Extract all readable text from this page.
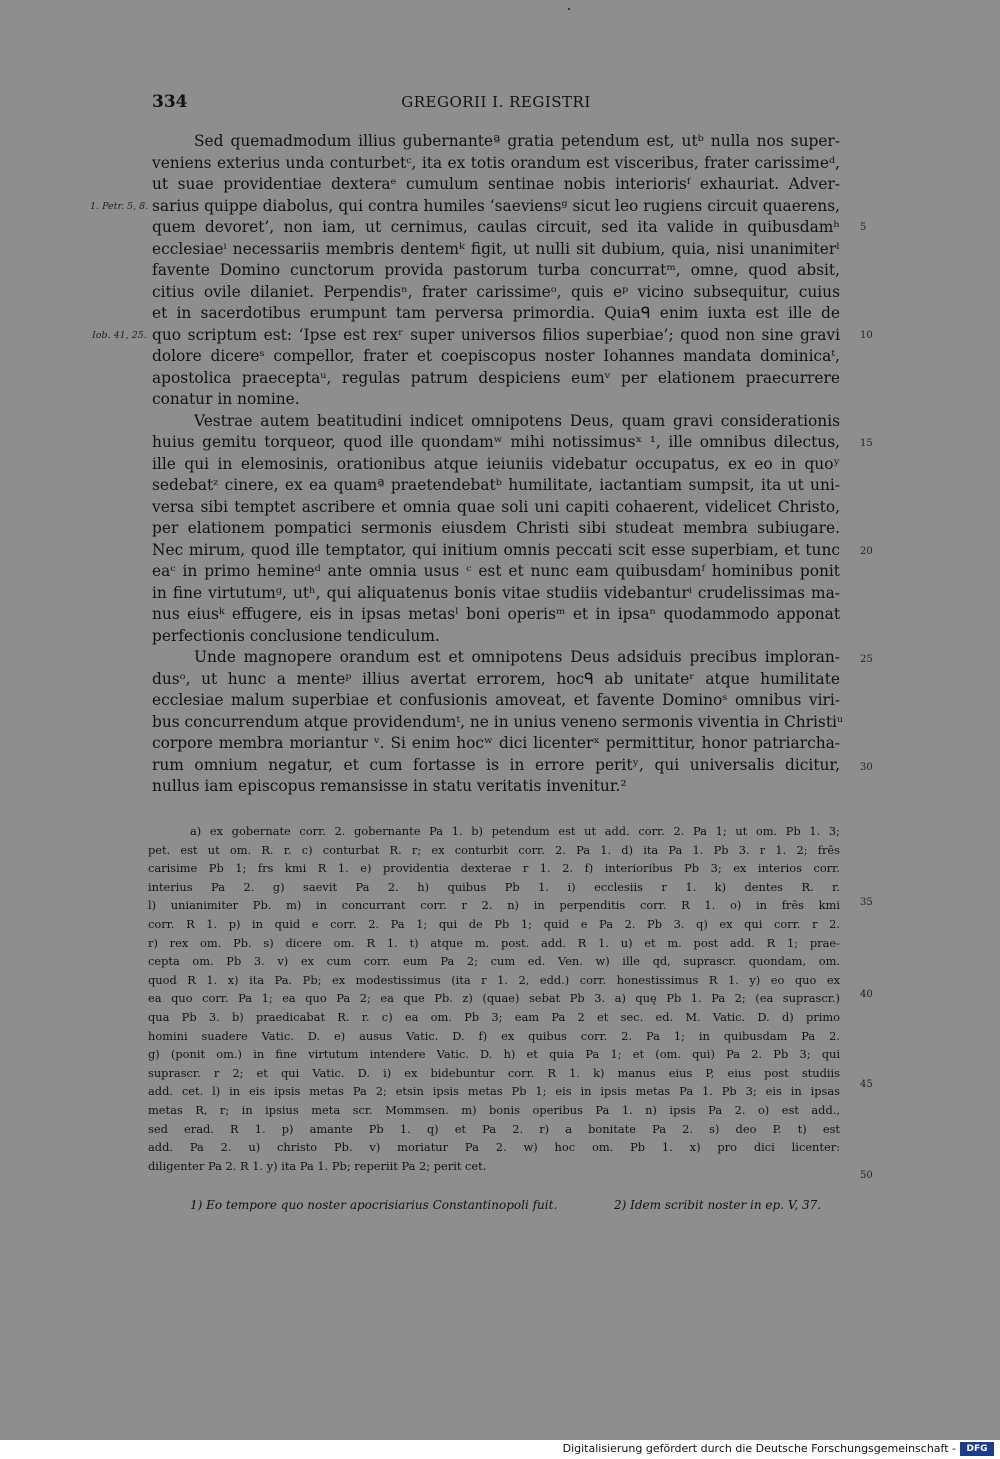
334	GREGORII I. REGISTRI
Sed quemadmodum illius gubernanteª gratia petendum est, utᵇ nulla nos super-
veniens exterius unda conturbetᶜ, ita ex totis orandum est visceribus, frater carissimeᵈ,
ut suae providentiae dexteraᵉ cumulum sentinae nobis interiorisᶠ exhauriat. Adver-
sarius quippe diabolus, qui contra humiles ‘saeviensᵍ sicut leo rugiens circuit quaerens,
quem devoret’, non iam, ut cernimus, caulas circuit, sed ita valide in quibusdamʰ
ecclesiaeⁱ necessariis membris dentemᵏ figit, ut nulli sit dubium, quia, nisi unanimiterˡ
favente Domino cunctorum provida pastorum turba concurratᵐ, omne, quod absit,
citius ovile dilaniet. Perpendisⁿ, frater carissimeᵒ, quis eᵖ vicino subsequitur, cuius
et in sacerdotibus erumpunt tam perversa primordia. Quiaᑫ enim iuxta est ille de
quo scriptum est: ‘Ipse est rexʳ super universos filios superbiae’; quod non sine gravi
dolore dicereˢ compellor, frater et coepiscopus noster Iohannes mandata dominicaᵗ,
apostolica praeceptaᵘ, regulas patrum despiciens eumᵛ per elationem praecurrere
conatur in nomine.
Vestrae autem beatitudini indicet omnipotens Deus, quam gravi considerationis
huius gemitu torqueor, quod ille quondamʷ mihi notissimusˣ ¹, ille omnibus dilectus,
ille qui in elemosinis, orationibus atque ieiuniis videbatur occupatus, ex eo in quoʸ
sedebatᶻ cinere, ex ea quamª praetendebatᵇ humilitate, iactantiam sumpsit, ita ut uni-
versa sibi temptet ascribere et omnia quae soli uni capiti cohaerent, videlicet Christo,
per elationem pompatici sermonis eiusdem Christi sibi studeat membra subiugare.
Nec mirum, quod ille temptator, qui initium omnis peccati scit esse superbiam, et tunc
eaᶜ in primo hemineᵈ ante omnia usus ᶜ est et nunc eam quibusdamᶠ hominibus ponit
in fine virtutumᵍ, utʰ, qui aliquatenus bonis vitae studiis videbanturⁱ crudelissimas ma-
nus eiusᵏ effugere, eis in ipsas metasˡ boni operisᵐ et in ipsaⁿ quodammodo apponat
perfectionis conclusione tendiculum.
Unde magnopere orandum est et omnipotens Deus adsiduis precibus imploran-
dusᵒ, ut hunc a menteᵖ illius avertat errorem, hocᑫ ab unitateʳ atque humilitate
ecclesiae malum superbiae et confusionis amoveat, et favente Dominoˢ omnibus viri-
bus concurrendum atque providendumᵗ, ne in unius veneno sermonis viventia in Christiᵘ
corpore membra moriantur ᵛ. Si enim hocʷ dici licenterˣ permittitur, honor patriarcha-
rum omnium negatur, et cum fortasse is in errore peritʸ, qui universalis dicitur,
nullus iam episcopus remansisse in statu veritatis invenitur.²
1. Petr. 5, 8.
Iob. 41, 25.
5
10
15
20
25
30
35
40
45
50
a) ex gobernate corr. 2. gobernante Pa 1. b) petendum est ut add. corr. 2. Pa 1; ut om. Pb 1. 3;
pet. est ut om. R. r. c) conturbat R. r; ex conturbit corr. 2. Pa 1. d) ita Pa 1. Pb 3. r 1. 2; frēs
carisime Pb 1; frs kmi R 1. e) providentia dexterae r 1. 2. f) interioribus Pb 3; ex interios corr.
interius Pa 2. g) saevit Pa 2. h) quibus Pb 1. i) ecclesiis r 1. k) dentes R. r.
l) unianimiter Pb. m) in concurrant corr. r 2. n) in perpenditis corr. R 1. o) in frēs kmi
corr. R 1. p) in quid e corr. 2. Pa 1; qui de Pb 1; quid e Pa 2. Pb 3. q) ex qui corr. r 2.
r) rex om. Pb. s) dicere om. R 1. t) atque m. post. add. R 1. u) et m. post add. R 1; prae-
cepta om. Pb 3. v) ex cum corr. eum Pa 2; cum ed. Ven. w) ille qd, suprascr. quondam, om.
quod R 1. x) ita Pa. Pb; ex modestissimus (ita r 1. 2, edd.) corr. honestissimus R 1. y) eo quo ex
ea quo corr. Pa 1; ea quo Pa 2; ea que Pb. z) (quae) sebat Pb 3. a) quę Pb 1. Pa 2; (ea suprascr.)
qua Pb 3. b) praedicabat R. r. c) ea om. Pb 3; eam Pa 2 et sec. ed. M. Vatic. D. d) primo
homini suadere Vatic. D. e) ausus Vatic. D. f) ex quibus corr. 2. Pa 1; in quibusdam Pa 2.
g) (ponit om.) in fine virtutum intendere Vatic. D. h) et quia Pa 1; et (om. qui) Pa 2. Pb 3; qui
suprascr. r 2; et qui Vatic. D. i) ex bidebuntur corr. R 1. k) manus eius P, eius post studiis
add. cet. l) in eis ipsis metas Pa 2; etsin ipsis metas Pb 1; eis in ipsis metas Pa 1. Pb 3; eis in ipsas
metas R, r; in ipsius meta scr. Mommsen. m) bonis operibus Pa 1. n) ipsis Pa 2. o) est add.,
sed erad. R 1. p) amante Pb 1. q) et Pa 2. r) a bonitate Pa 2. s) deo P. t) est
add. Pa 2. u) christo Pb. v) moriatur Pa 2. w) hoc om. Pb 1. x) pro dici licenter:
diligenter Pa 2. R 1. y) ita Pa 1. Pb; reperiit Pa 2; perit cet.
1) Eo tempore quo noster apocrisiarius Constantinopoli fuit.	2) Idem scribit noster in ep. V, 37.
Digitalisierung gefördert durch die Deutsche Forschungsgemeinschaft -	DFG
